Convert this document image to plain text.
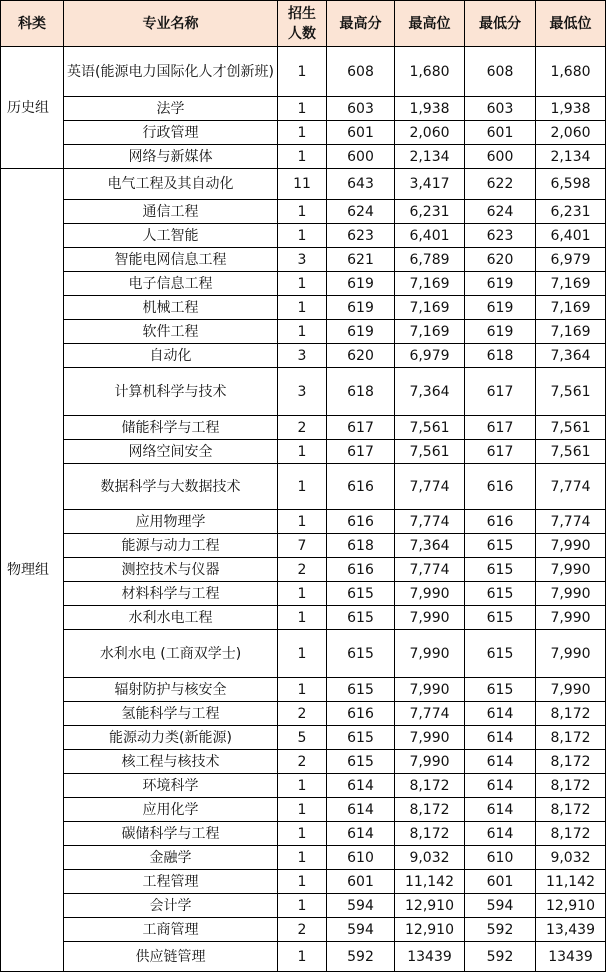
科类	专业名称	招生人数	最高分	最高位	最低分	最低位
历史组	英语(能源电力国际化人才创新班)	1	608	1,680	608	1,680
	法学	1	603	1,938	603	1,938
	行政管理	1	601	2,060	601	2,060
	网络与新媒体	1	600	2,134	600	2,134
物理组	电气工程及其自动化	11	643	3,417	622	6,598
	通信工程	1	624	6,231	624	6,231
	人工智能	1	623	6,401	623	6,401
	智能电网信息工程	3	621	6,789	620	6,979
	电子信息工程	1	619	7,169	619	7,169
	机械工程	1	619	7,169	619	7,169
	软件工程	1	619	7,169	619	7,169
	自动化	3	620	6,979	618	7,364
	计算机科学与技术	3	618	7,364	617	7,561
	储能科学与工程	2	617	7,561	617	7,561
	网络空间安全	1	617	7,561	617	7,561
	数据科学与大数据技术	1	616	7,774	616	7,774
	应用物理学	1	616	7,774	616	7,774
	能源与动力工程	7	618	7,364	615	7,990
	测控技术与仪器	2	616	7,774	615	7,990
	材料科学与工程	1	615	7,990	615	7,990
	水利水电工程	1	615	7,990	615	7,990
	水利水电 (工商双学士)	1	615	7,990	615	7,990
	辐射防护与核安全	1	615	7,990	615	7,990
	氢能科学与工程	2	616	7,774	614	8,172
	能源动力类(新能源)	5	615	7,990	614	8,172
	核工程与核技术	2	615	7,990	614	8,172
	环境科学	1	614	8,172	614	8,172
	应用化学	1	614	8,172	614	8,172
	碳储科学与工程	1	614	8,172	614	8,172
	金融学	1	610	9,032	610	9,032
	工程管理	1	601	11,142	601	11,142
	会计学	1	594	12,910	594	12,910
	工商管理	2	594	12,910	592	13,439
	供应链管理	1	592	13439	592	13439
